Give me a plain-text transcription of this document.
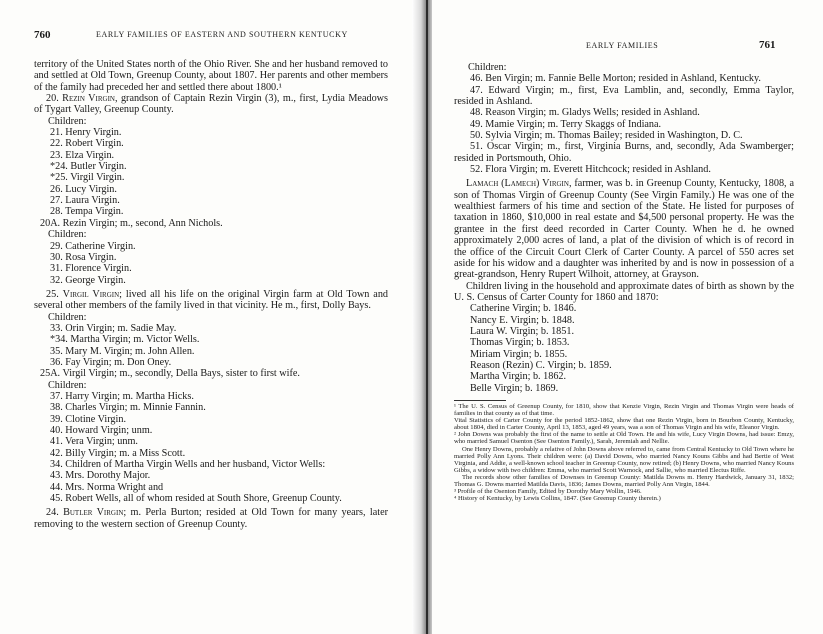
760	EARLY FAMILIES OF EASTERN AND SOUTHERN KENTUCKY

territory of the United States north of the Ohio River. She and her husband removed to and settled at Old Town, Greenup County, about 1807. Her parents and other members of the family had preceded her and settled there about 1800.¹

20. Rezin Virgin, grandson of Captain Rezin Virgin (3), m., first, Lydia Meadows of Tygart Valley, Greenup County.

Children:

21. Henry Virgin.
22. Robert Virgin.
23. Elza Virgin.
*24. Butler Virgin.
*25. Virgil Virgin.
26. Lucy Virgin.
27. Laura Virgin.
28. Tempa Virgin.
20A. Rezin Virgin; m., second, Ann Nichols.

Children:

29. Catherine Virgin.
30. Rosa Virgin.
31. Florence Virgin.
32. George Virgin.

25. Virgil Virgin; lived all his life on the original Virgin farm at Old Town and several other members of the family lived in that vicinity. He m., first, Dolly Bays.

Children:

33. Orin Virgin; m. Sadie May.
*34. Martha Virgin; m. Victor Wells.
35. Mary M. Virgin; m. John Allen.
36. Fay Virgin; m. Don Oney.
25A. Virgil Virgin; m., secondly, Della Bays, sister to first wife.

Children:

37. Harry Virgin; m. Martha Hicks.
38. Charles Virgin; m. Minnie Fannin.
39. Clotine Virgin.
40. Howard Virgin; unm.
41. Vera Virgin; unm.
42. Billy Virgin; m. a Miss Scott.

34. Children of Martha Virgin Wells and her husband, Victor Wells:

43. Mrs. Dorothy Major.
44. Mrs. Norma Wright and

45. Robert Wells, all of whom resided at South Shore, Greenup County.

24. Butler Virgin; m. Perla Burton; resided at Old Town for many years, later removing to the western section of Greenup County.

EARLY FAMILIES	761

Children:

46. Ben Virgin; m. Fannie Belle Morton; resided in Ashland, Kentucky.

47. Edward Virgin; m., first, Eva Lamblin, and, secondly, Emma Taylor, resided in Ashland.

48. Reason Virgin; m. Gladys Wells; resided in Ashland.

49. Mamie Virgin; m. Terry Skaggs of Indiana.

50. Sylvia Virgin; m. Thomas Bailey; resided in Washington, D. C.

51. Oscar Virgin; m., first, Virginia Burns, and, secondly, Ada Swamberger; resided in Portsmouth, Ohio.

52. Flora Virgin; m. Everett Hitchcock; resided in Ashland.

Lamach (Lamech) Virgin, farmer, was b. in Greenup County, Kentucky, 1808, a son of Thomas Virgin of Greenup County (See Virgin Family.) He was one of the wealthiest farmers of his time and section of the State. He listed for purposes of taxation in 1860, $10,000 in real estate and $4,500 personal property. He was the grantee in the first deed recorded in Carter County. When he d. he owned approximately 2,000 acres of land, a plat of the division of which is of record in the office of the Circuit Court Clerk of Carter County. A parcel of 550 acres set aside for his widow and a daughter was inherited by and is now in possession of a great-grandson, Henry Rupert Wilhoit, attorney, at Grayson.

Children living in the household and approximate dates of birth as shown by the U. S. Census of Carter County for 1860 and 1870:

Catherine Virgin; b. 1846.
Nancy E. Virgin; b. 1848.
Laura W. Virgin; b. 1851.
Thomas Virgin; b. 1853.
Miriam Virgin; b. 1855.
Reason (Rezin) C. Virgin; b. 1859.
Martha Virgin; b. 1862.
Belle Virgin; b. 1869.

¹ The U. S. Census of Greenup County, for 1810, show that Kenzie Virgin, Rezin Virgin and Thomas Virgin were heads of families in that county as of that time.

Vital Statistics of Carter County for the period 1852-1862, show that one Rezin Virgin, born in Bourbon County, Kentucky, about 1804, died in Carter County, April 13, 1853, aged 49 years, was a son of Thomas Virgin and his wife, Eleanor Virgin.

² John Downs was probably the first of the name to settle at Old Town. He and his wife, Lucy Virgin Downs, had issue: Emzy, who married Samuel Osenton (See Osenton Family.), Sarah, Jeremiah and Nellie.

One Henry Downs, probably a relative of John Downs above referred to, came from Central Kentucky to Old Town where he married Polly Ann Lyons. Their children were: (a) David Downs, who married Nancy Kouns Gibbs and had Bertie of West Virginia, and Addie, a well-known school teacher in Greenup County, now retired; (b) Henry Downs, who married Nancy Kouns Gibbs, a widow with two children: Emma, who married Scott Warnock, and Sallie, who married Electus Riffe.

The records show other families of Downses in Greenup County: Matilda Downs m. Henry Hardwick, January 31, 1832; Thomas G. Downs married Matilda Davis, 1836; James Downs, married Polly Ann Virgin, 1844.

³ Profile of the Osenton Family, Edited by Dorothy Mary Wollin, 1946.

⁴ History of Kentucky, by Lewis Collins, 1847. (See Greenup County therein.)
